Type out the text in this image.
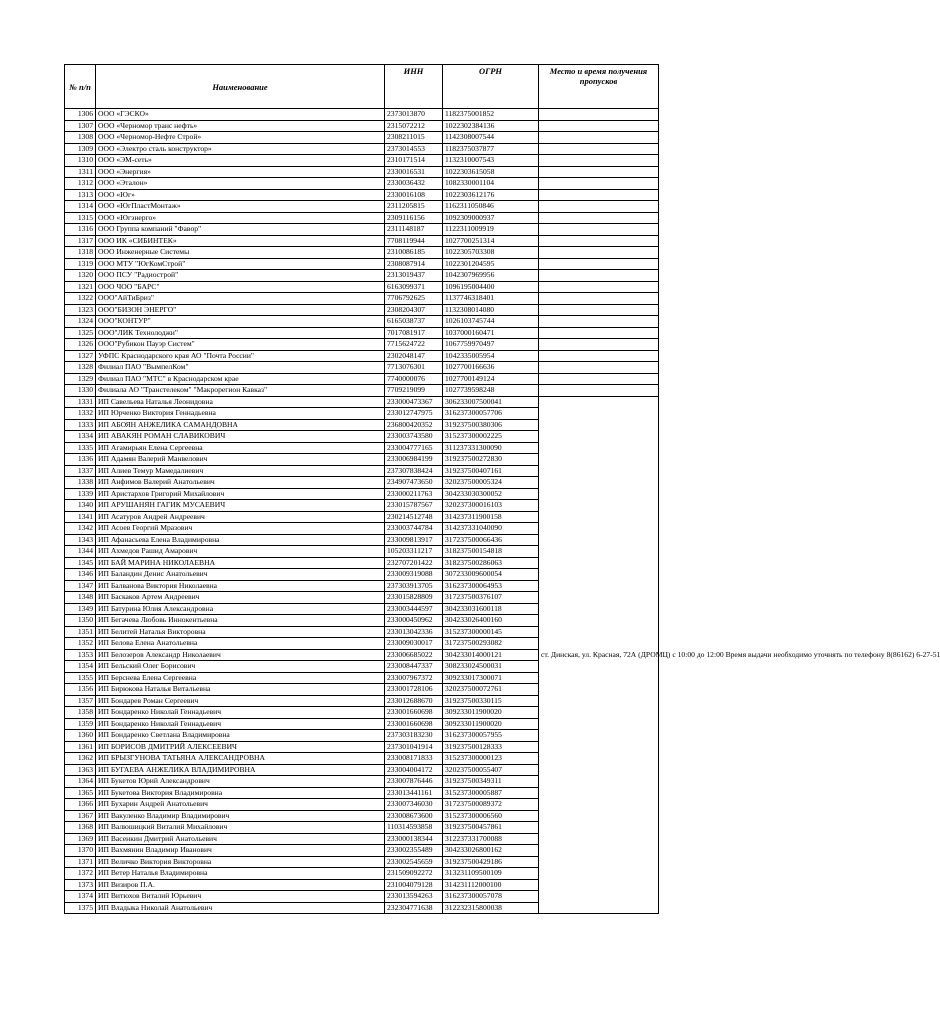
№ п/п	Наименование	ИНН	ОГРН	Место и время получения пропусков
1306	ООО «ГЭСКО»	2373013870	1182375001852	
1307	ООО «Черномор транс нефть»	2315072212	1022302384136	
1308	ООО «Черномор-Нефте Строй»	2308211015	1142308007544	
1309	ООО «Электро сталь конструктор»	2373014553	1182375037877	
1310	ООО «ЭМ-сеть»	2310171514	1132310007543	
1311	ООО «Энергия»	2330016531	1022303615058	
1312	ООО «Эталон»	2330036432	1082330001104	
1313	ООО «Юг»	2330016108	1022303612176	
1314	ООО «ЮгПластМонтаж»	2311205815	1162311050846	
1315	ООО «Югэнерго»	2309116156	1092309000937	
1316	ООО Группа компаний "Фавор"	2311148187	1122311009919	
1317	ООО ИК «СИБИНТЕК»	7708119944	1027700251314	
1318	ООО Инженерные Системы	2310086185	1022305703308	
1319	ООО МТУ "ЮгКомСтрой"	2308087914	1022301204595	
1320	ООО ПСУ "Радиострой"	2313019437	1042307969956	
1321	ООО ЧОО "БАРС"	6163099371	1096195004400	
1322	ООО"АйТиБриз"	7706792625	1137746318401	
1323	ООО"БИЗОН ЭНЕРГО"	2308204307	1132308014080	
1324	ООО"КОНТУР"	6165038737	1026103745744	
1325	ООО"ЛИК Технолоджи"	7017081917	1037000160471	
1326	ООО"Рубикон Пауэр Систем"	7715624722	1067759970497	
1327	УФПС Краснодарского края АО "Почта России"	2302048147	1042335005954	
1328	Филиал ПАО "ВымпелКом"	7713076301	1027700166636	
1329	Филиал ПАО "МТС" в Краснодарском крае	7740000076	1027700149124	
1330	Филиала АО "Транстелеком" "Макрорегион Кавказ"	7709219099	1027739598248	
1331	ИП Савельева Наталья Леонидовна	233000473367	306233007500041	ст. Динская, ул. Красная, 72А (ДРОМЦ) с 10:00 до 12:00 Время выдачи необходимо уточнять по телефону 8(86162) 6-27-51
1332	ИП Юрченко Виктория Геннадьевна	233012747975	316237300057706	
1333	ИП АБОЯН АНЖЕЛИКА САМАНДОВНА	236800420352	319237500380306	
1334	ИП АВАКЯН РОМАН СЛАВИКОВИЧ	233003743580	315237300002225	
1335	ИП Агамирьян Елена Сергеевна	233004777165	311237331300090	
1336	ИП Адамян Валерий Манвелович	233006984199	319237500272830	
1337	ИП Алиев Темур Мамедалиевич	237307838424	319237500407161	
1338	ИП Анфимов Валерий Анатольевич	234907473650	320237500005324	
1339	ИП Аристархов Григорий Михайлович	233000211763	304233030300052	
1340	ИП АРУШАНЯН ГАГИК МУСАЕВИЧ	233015787567	320237300016103	
1341	ИП Асатуров Андрей Андреевич	230214512748	314237311900158	
1342	ИП Асоев Георгий Мразович	233003744784	314237331040090	
1343	ИП Афанасьева Елена Владимировна	233009813917	317237500066436	
1344	ИП Ахмедов Рашид Амарович	105203311217	318237500154818	
1345	ИП БАЙ МАРИНА НИКОЛАЕВНА	232707201422	318237500286063	
1346	ИП Баландин Денис Анатольевич	233009319088	307233009600054	
1347	ИП Балванова Виктория Николаевна	237303913705	316237300064953	
1348	ИП Баскаков Артем Андреевич	233015828809	317237500376107	
1349	ИП Батурина Юлия Александровна	233003444597	304233031600118	
1350	ИП Бегачева Любовь Иннокентьевна	233000450962	304233026400160	
1351	ИП Белитей Наталья Викторовна	233013042336	315237300000145	
1352	ИП Белова Елена Анатольевна	233009030017	317237500293082	
1353	ИП Белозеров Александр Николаевич	233006685022	304233014000121	
1354	ИП Бельский Олег Борисович	233008447337	308233024500031	
1355	ИП Берснева Елена Сергеевна	233007967372	309233017300071	
1356	ИП Бирюкова Наталья Витальевна	233001728106	320237500072761	
1357	ИП Бондарев Роман Сергеевич	233012688670	319237500330115	
1358	ИП Бондаренко Николай Геннадьевич	233001660698	309233011900020	
1359	ИП Бондаренко Николай Геннадьевич	233001660698	309233011900020	
1360	ИП Бондаренко Светлана Владимировна	237303183230	316237300057955	
1361	ИП БОРИСОВ ДМИТРИЙ АЛЕКСЕЕВИЧ	237301041914	319237500128333	
1362	ИП БРЫЗГУНОВА ТАТЬЯНА АЛЕКСАНДРОВНА	233008171833	315237300000123	
1363	ИП БУГАЕВА АНЖЕЛИКА ВЛАДИМИРОВНА	233004004172	320237500055407	
1364	ИП Букетов Юрий Александрович	233007876446	319237500349311	
1365	ИП Букетова Виктория Владимировна	233013441161	315237300005887	
1366	ИП Бухарин Андрей Анатольевич	233007346030	317237500089372	
1367	ИП Вакуленко Владимир Владимирович	233008673600	315237300006560	
1368	ИП Валюшицкий Виталий Михайлович	110314593858	319237500457861	
1369	ИП Васенкин Дмитрий Анатольевич	233000138344	312237331700088	
1370	ИП Вахмянин Владимир Иванович	233002355489	304233026800162	
1371	ИП Величко Виктория Викторовна	233002545659	319237500429186	
1372	ИП Ветер Наталья Владимировна	231509092272	313231109500109	
1373	ИП Визиров П.А.	231004079128	314231112000100	
1374	ИП Витюхов Виталий Юрьевич	233013594263	316237300057078	
1375	ИП Владыка Николай Анатольевич	232304771638	312232315800038	
